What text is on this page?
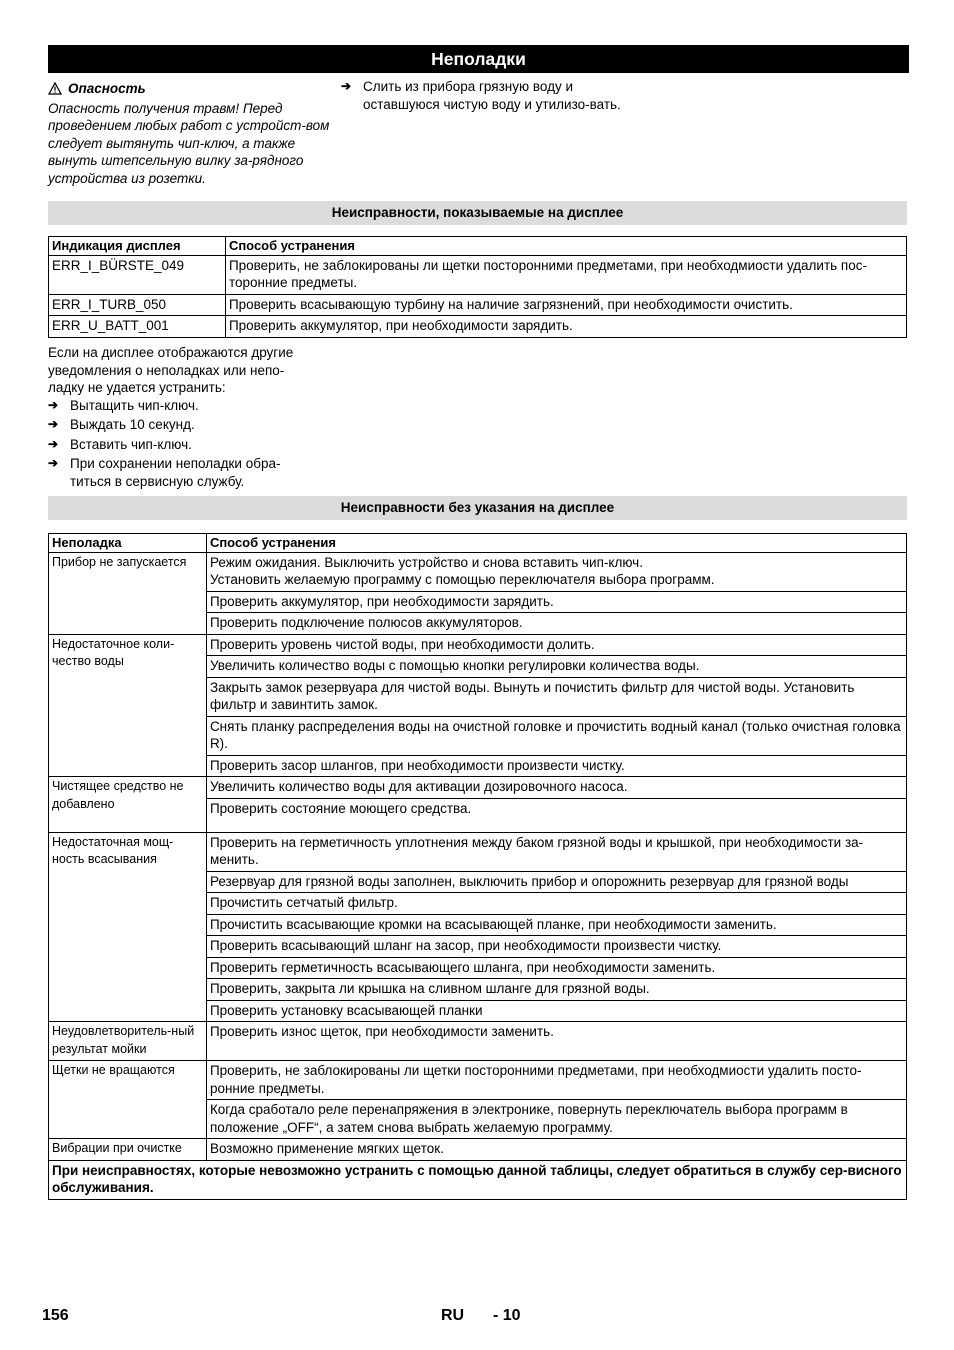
Неполадки
Опасность
Опасность получения травм! Перед проведением любых работ с устройст-вом следует вытянуть чип-ключ, а также вынуть штепсельную вилку за-рядного устройства из розетки.
➔ Слить из прибора грязную воду и оставшуюся чистую воду и утилизо-вать.
Неисправности, показываемые на дисплее
Индикация дисплея	Способ устранения
ERR_I_BÜRSTE_049	Проверить, не заблокированы ли щетки посторонними предметами, при необходмиости удалить пос-торонние предметы.
ERR_I_TURB_050	Проверить всасывающую турбину на наличие загрязнений, при необходимости очистить.
ERR_U_BATT_001	Проверить аккумулятор, при необходимости зарядить.
Если на дисплее отображаются другие уведомления о неполадках или непо-ладку не удается устранить:
➔ Вытащить чип-ключ.
➔ Выждать 10 секунд.
➔ Вставить чип-ключ.
➔ При сохранении неполадки обра-титься в сервисную службу.
Неисправности без указания на дисплее
Неполадка	Способ устранения
Прибор не запускается	Режим ожидания. Выключить устройство и снова вставить чип-ключ.
Установить желаемую программу с помощью переключателя выбора программ.
	Проверить аккумулятор, при необходимости зарядить.
	Проверить подключение полюсов аккумуляторов.
Недостаточное коли-чество воды	Проверить уровень чистой воды, при необходимости долить.
	Увеличить количество воды с помощью кнопки регулировки количества воды.
	Закрыть замок резервуара для чистой воды. Вынуть и почистить фильтр для чистой воды. Установить фильтр и завинтить замок.
	Снять планку распределения воды на очистной головке и прочистить водный канал (только очистная головка R).
	Проверить засор шлангов, при необходимости произвести чистку.
Чистящее средство не добавлено	Увеличить количество воды для активации дозировочного насоса.
	Проверить состояние моющего средства.
Недостаточная мощ-ность всасывания	Проверить на герметичность уплотнения между баком грязной воды и крышкой, при необходимости за-менить.
	Резервуар для грязной воды заполнен, выключить прибор и опорожнить резервуар для грязной воды
	Прочистить сетчатый фильтр.
	Прочистить всасывающие кромки на всасывающей планке, при необходимости заменить.
	Проверить всасывающий шланг на засор, при необходимости произвести чистку.
	Проверить герметичность всасывающего шланга, при необходимости заменить.
	Проверить, закрыта ли крышка на сливном шланге для грязной воды.
	Проверить установку всасывающей планки
Неудовлетворитель-ный результат мойки	Проверить износ щеток, при необходимости заменить.
Щетки не вращаются	Проверить, не заблокированы ли щетки посторонними предметами, при необходмиости удалить посто-ронние предметы.
	Когда сработало реле перенапряжения в электронике, повернуть переключатель выбора программ в положение „OFF“, а затем снова выбрать желаемую программу.
Вибрации при очистке	Возможно применение мягких щеток.
При неисправностях, которые невозможно устранить с помощью данной таблицы, следует обратиться в службу сер-висного обслуживания.	
156	RU - 10
